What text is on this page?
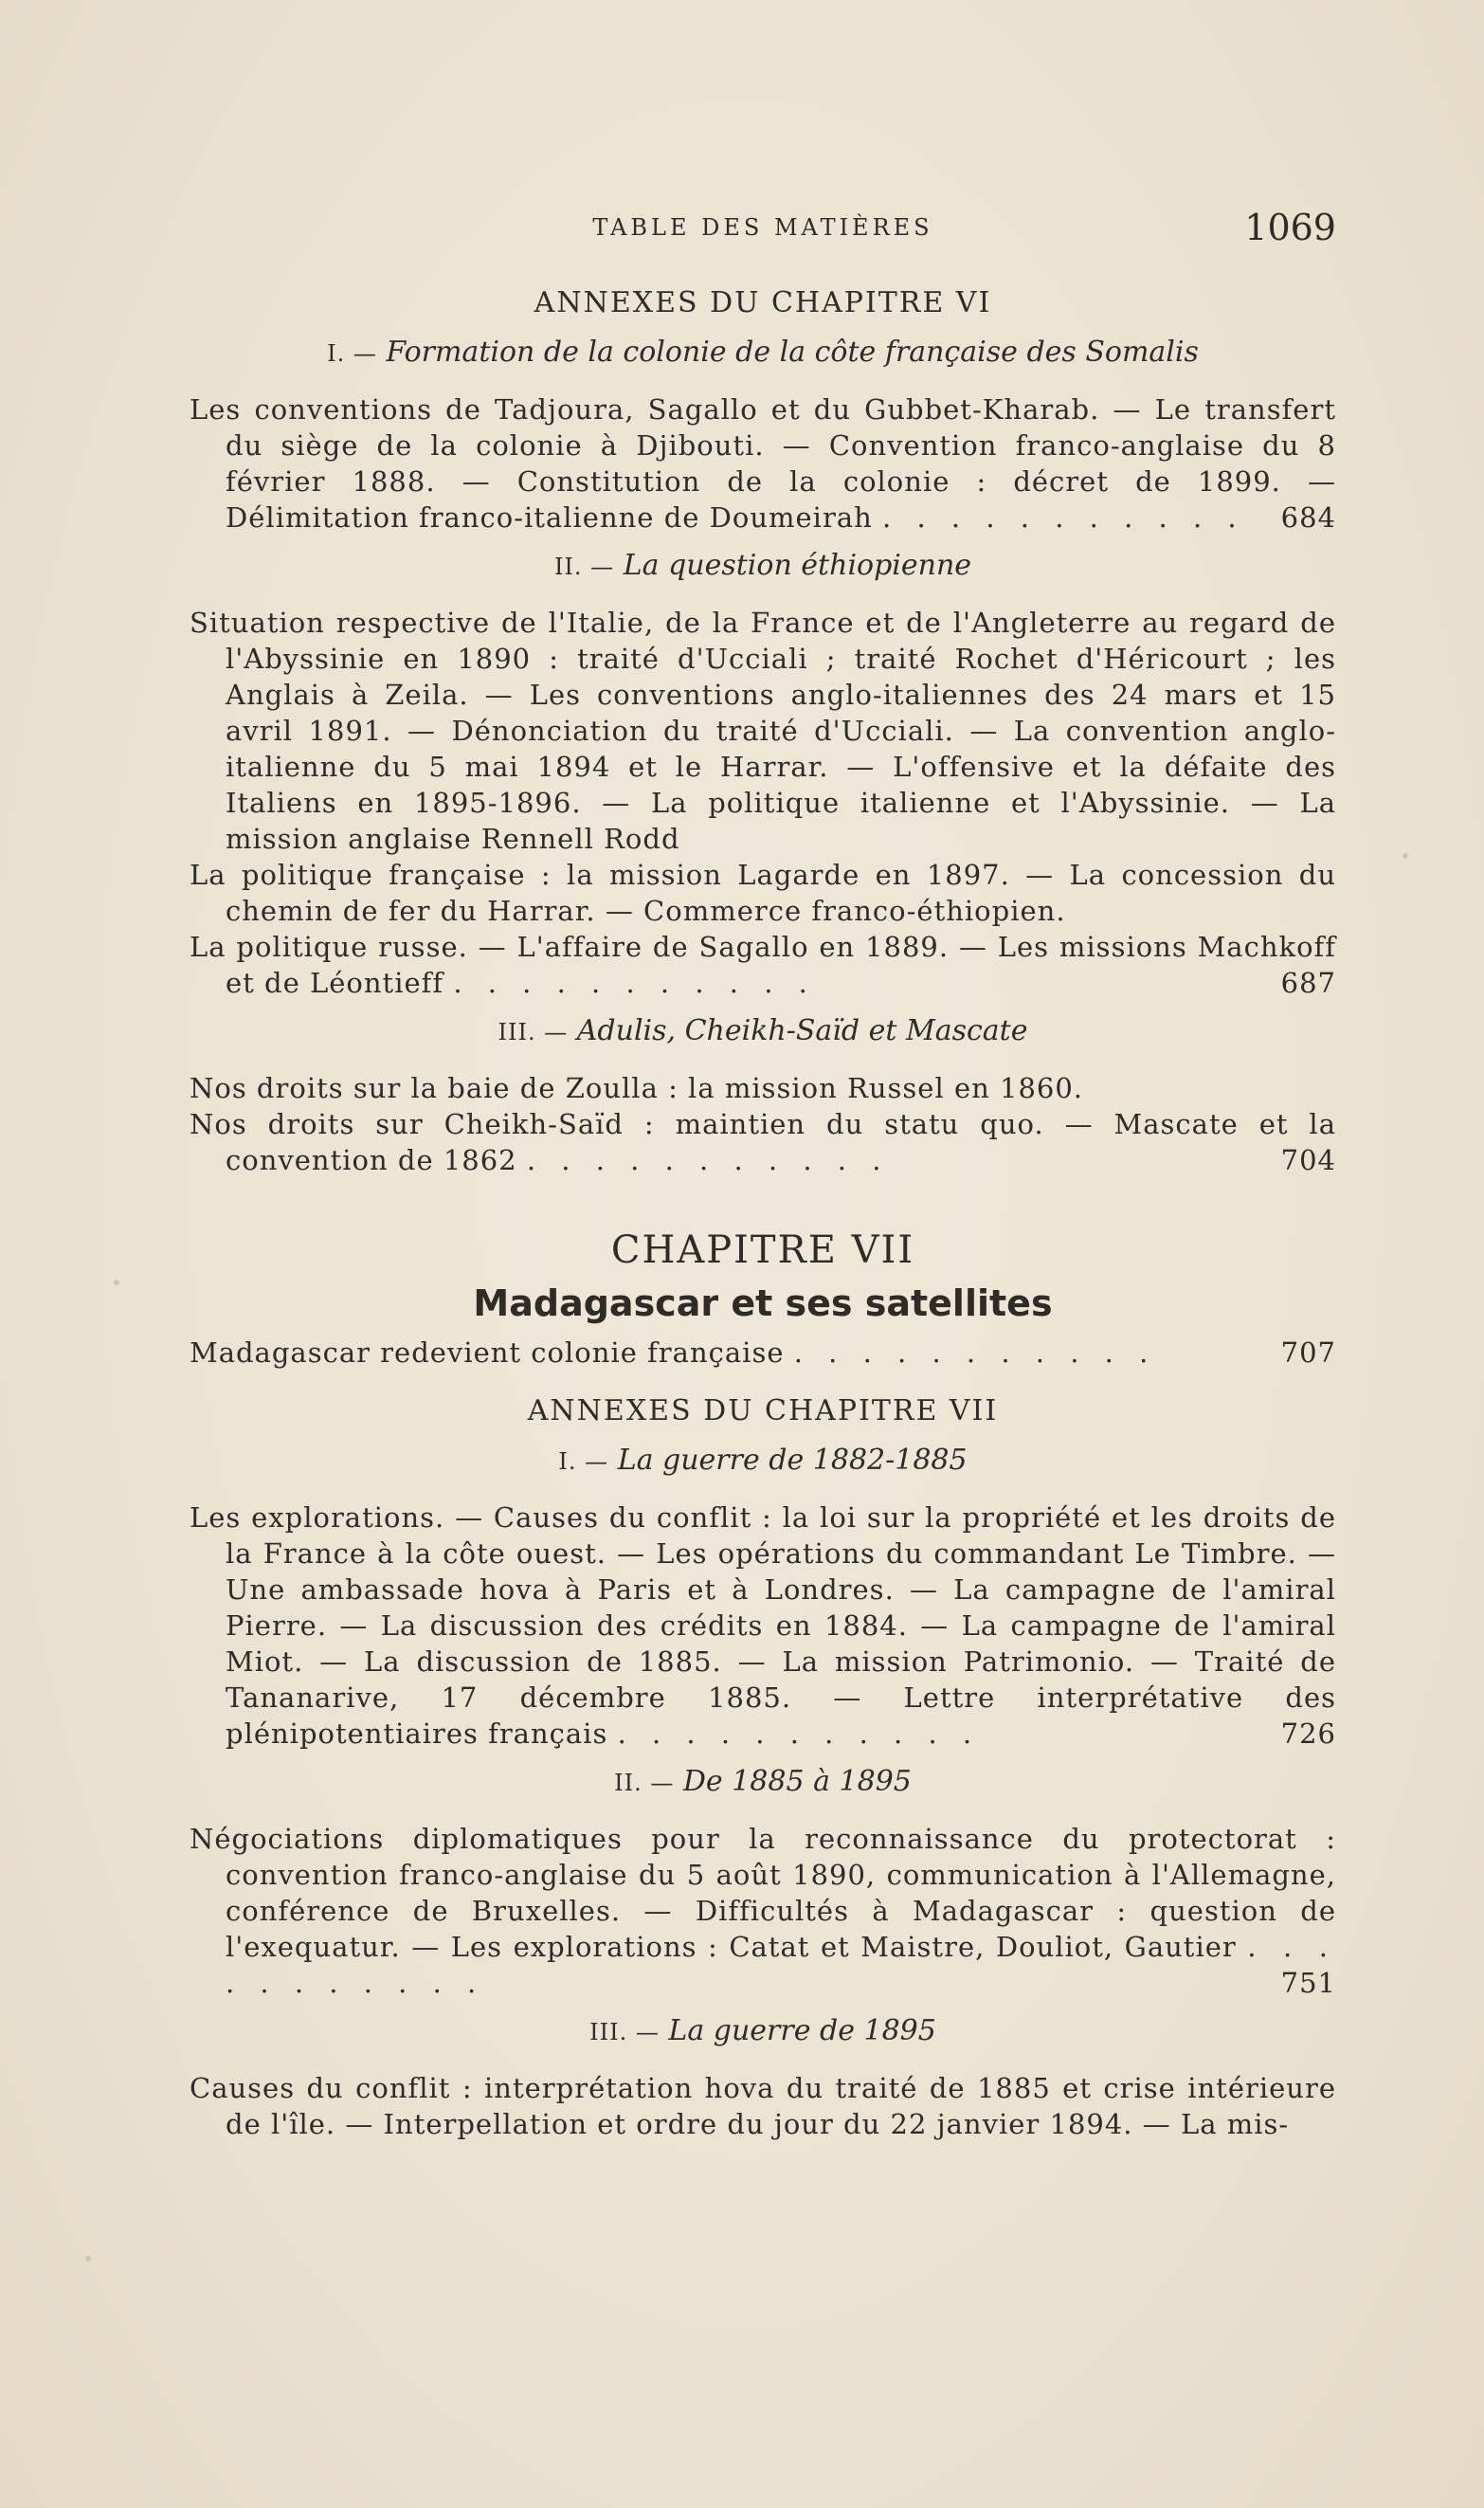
TABLE DES MATIÈRES	1069
ANNEXES DU CHAPITRE VI
I. — Formation de la colonie de la côte française des Somalis
Les conventions de Tadjoura, Sagallo et du Gubbet-Kharab. — Le transfert du siège de la colonie à Djibouti. — Convention franco-anglaise du 8 février 1888. — Constitution de la colonie : décret de 1899. — Délimitation franco-italienne de Doumeirah . . . . . . . . . . . 684
II. — La question éthiopienne
Situation respective de l'Italie, de la France et de l'Angleterre au regard de l'Abyssinie en 1890 : traité d'Ucciali ; traité Rochet d'Héricourt ; les Anglais à Zeila. — Les conventions anglo-italiennes des 24 mars et 15 avril 1891. — Dénonciation du traité d'Ucciali. — La convention anglo-italienne du 5 mai 1894 et le Harrar. — L'offensive et la défaite des Italiens en 1895-1896. — La politique italienne et l'Abyssinie. — La mission anglaise Rennell Rodd
La politique française : la mission Lagarde en 1897. — La concession du chemin de fer du Harrar. — Commerce franco-éthiopien.
La politique russe. — L'affaire de Sagallo en 1889. — Les missions Machkoff et de Léontieff . . . . . . . . . . .	687
III. — Adulis, Cheikh-Saïd et Mascate
Nos droits sur la baie de Zoulla : la mission Russel en 1860.
Nos droits sur Cheikh-Saïd : maintien du statu quo. — Mascate et la convention de 1862 . . . . . . . . . . .	704
CHAPITRE VII
Madagascar et ses satellites
Madagascar redevient colonie française . . . . . . . . . . .	707
ANNEXES DU CHAPITRE VII
I. — La guerre de 1882-1885
Les explorations. — Causes du conflit : la loi sur la propriété et les droits de la France à la côte ouest. — Les opérations du commandant Le Timbre. — Une ambassade hova à Paris et à Londres. — La campagne de l'amiral Pierre. — La discussion des crédits en 1884. — La campagne de l'amiral Miot. — La discussion de 1885. — La mission Patrimonio. — Traité de Tananarive, 17 décembre 1885. — Lettre interprétative des plénipotentiaires français . . . . . . . . . . .	726
II. — De 1885 à 1895
Négociations diplomatiques pour la reconnaissance du protectorat : convention franco-anglaise du 5 août 1890, communication à l'Allemagne, conférence de Bruxelles. — Difficultés à Madagascar : question de l'exequatur. — Les explorations : Catat et Maistre, Douliot, Gautier . . . . . . . . . . .	751
III. — La guerre de 1895
Causes du conflit : interprétation hova du traité de 1885 et crise intérieure de l'île. — Interpellation et ordre du jour du 22 janvier 1894. — La mis-
